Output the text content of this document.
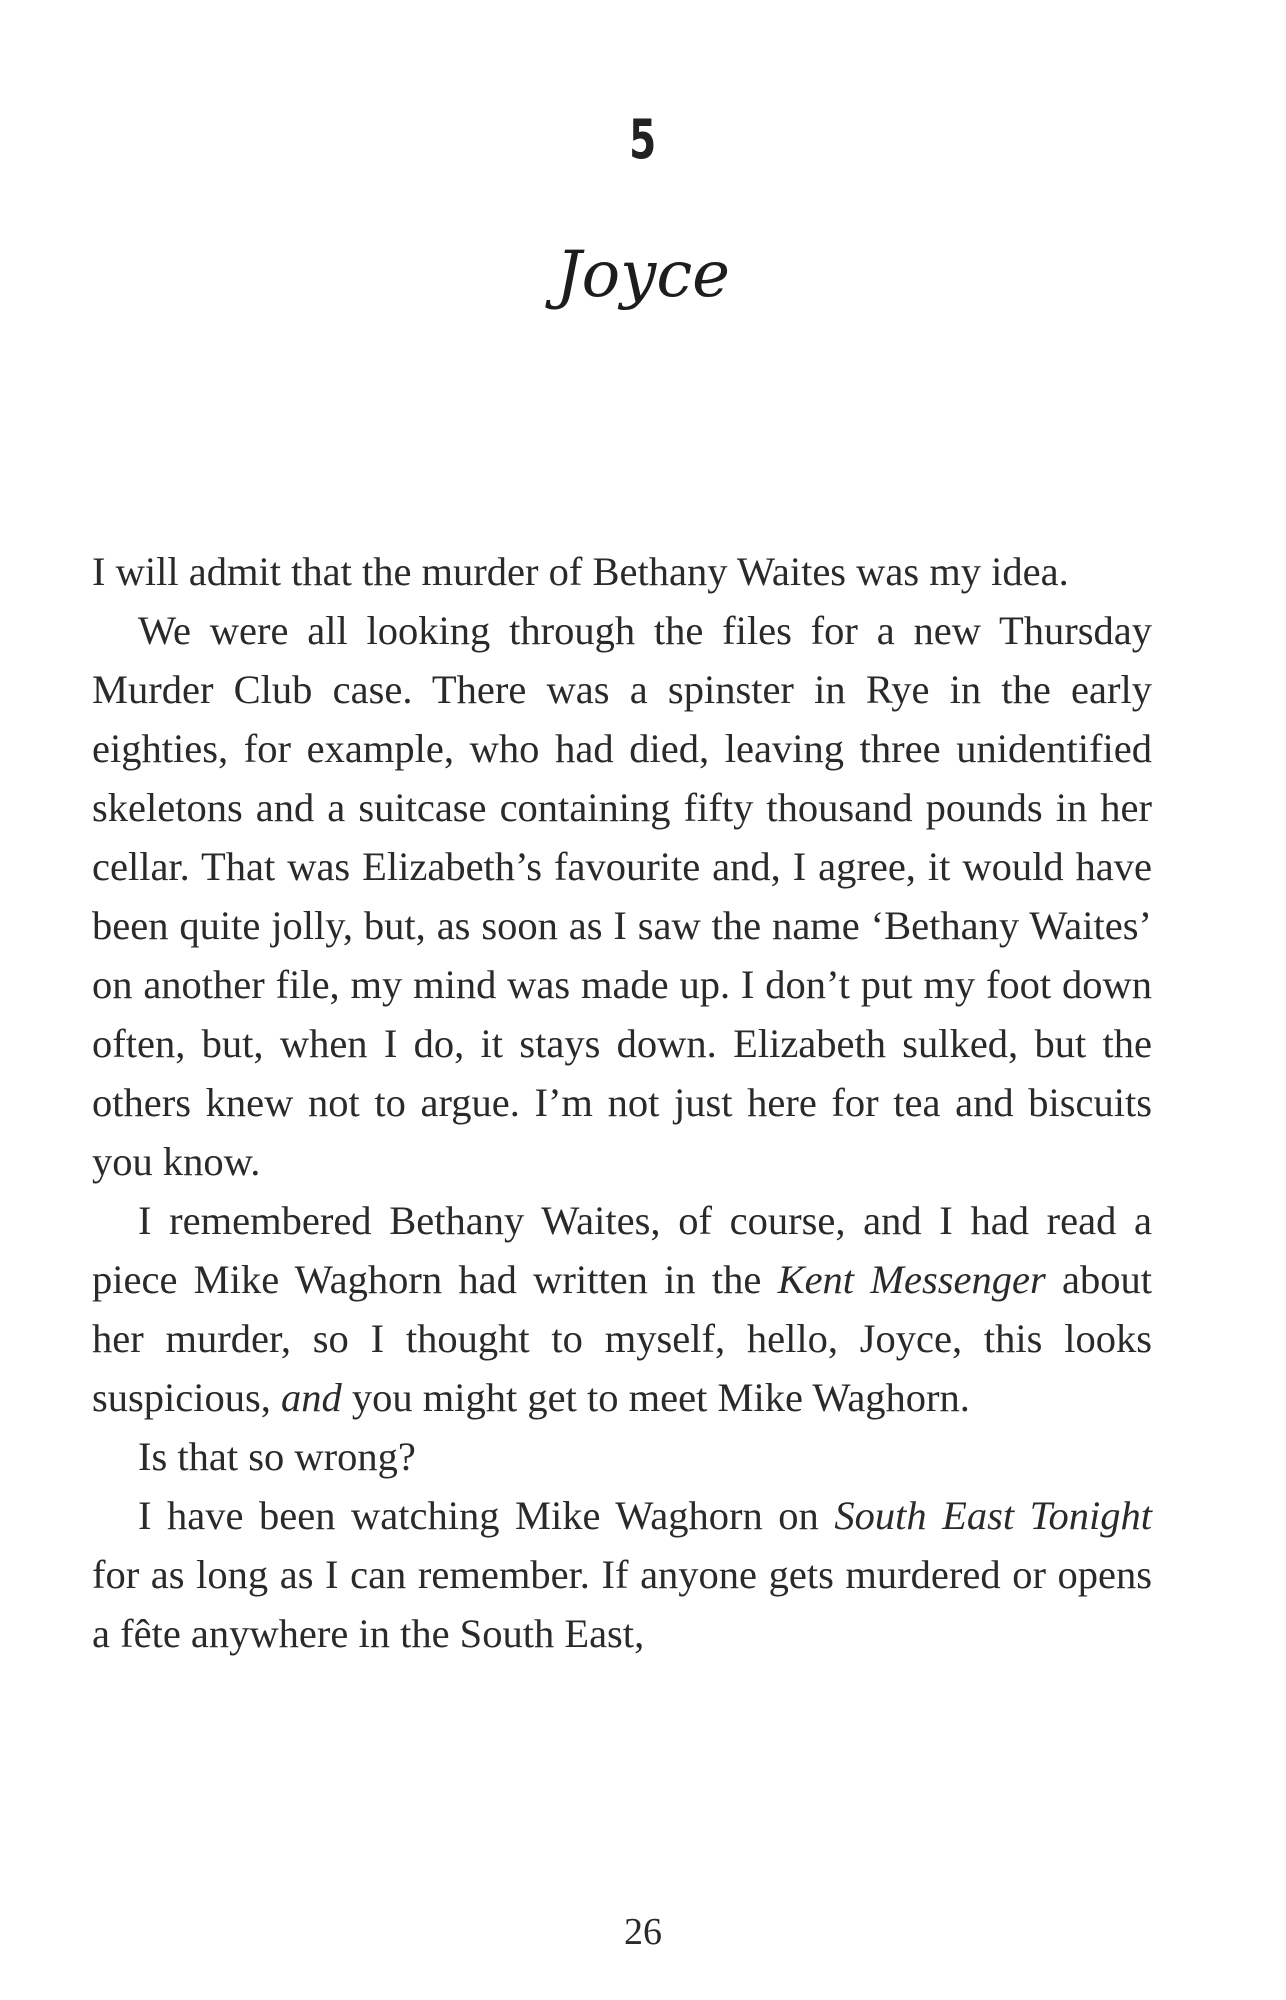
5
Joyce

I will admit that the murder of Bethany Waites was my idea.

We were all looking through the files for a new Thursday Murder Club case. There was a spinster in Rye in the early eighties, for example, who had died, leaving three unidentified skeletons and a suitcase containing fifty thousand pounds in her cellar. That was Elizabeth’s favourite and, I agree, it would have been quite jolly, but, as soon as I saw the name ‘Bethany Waites’ on another file, my mind was made up. I don’t put my foot down often, but, when I do, it stays down. Elizabeth sulked, but the others knew not to argue. I’m not just here for tea and biscuits you know.

I remembered Bethany Waites, of course, and I had read a piece Mike Waghorn had written in the Kent Messenger about her murder, so I thought to myself, hello, Joyce, this looks suspicious, and you might get to meet Mike Waghorn.

Is that so wrong?

I have been watching Mike Waghorn on South East Tonight for as long as I can remember. If anyone gets murdered or opens a fête anywhere in the South East,

26
